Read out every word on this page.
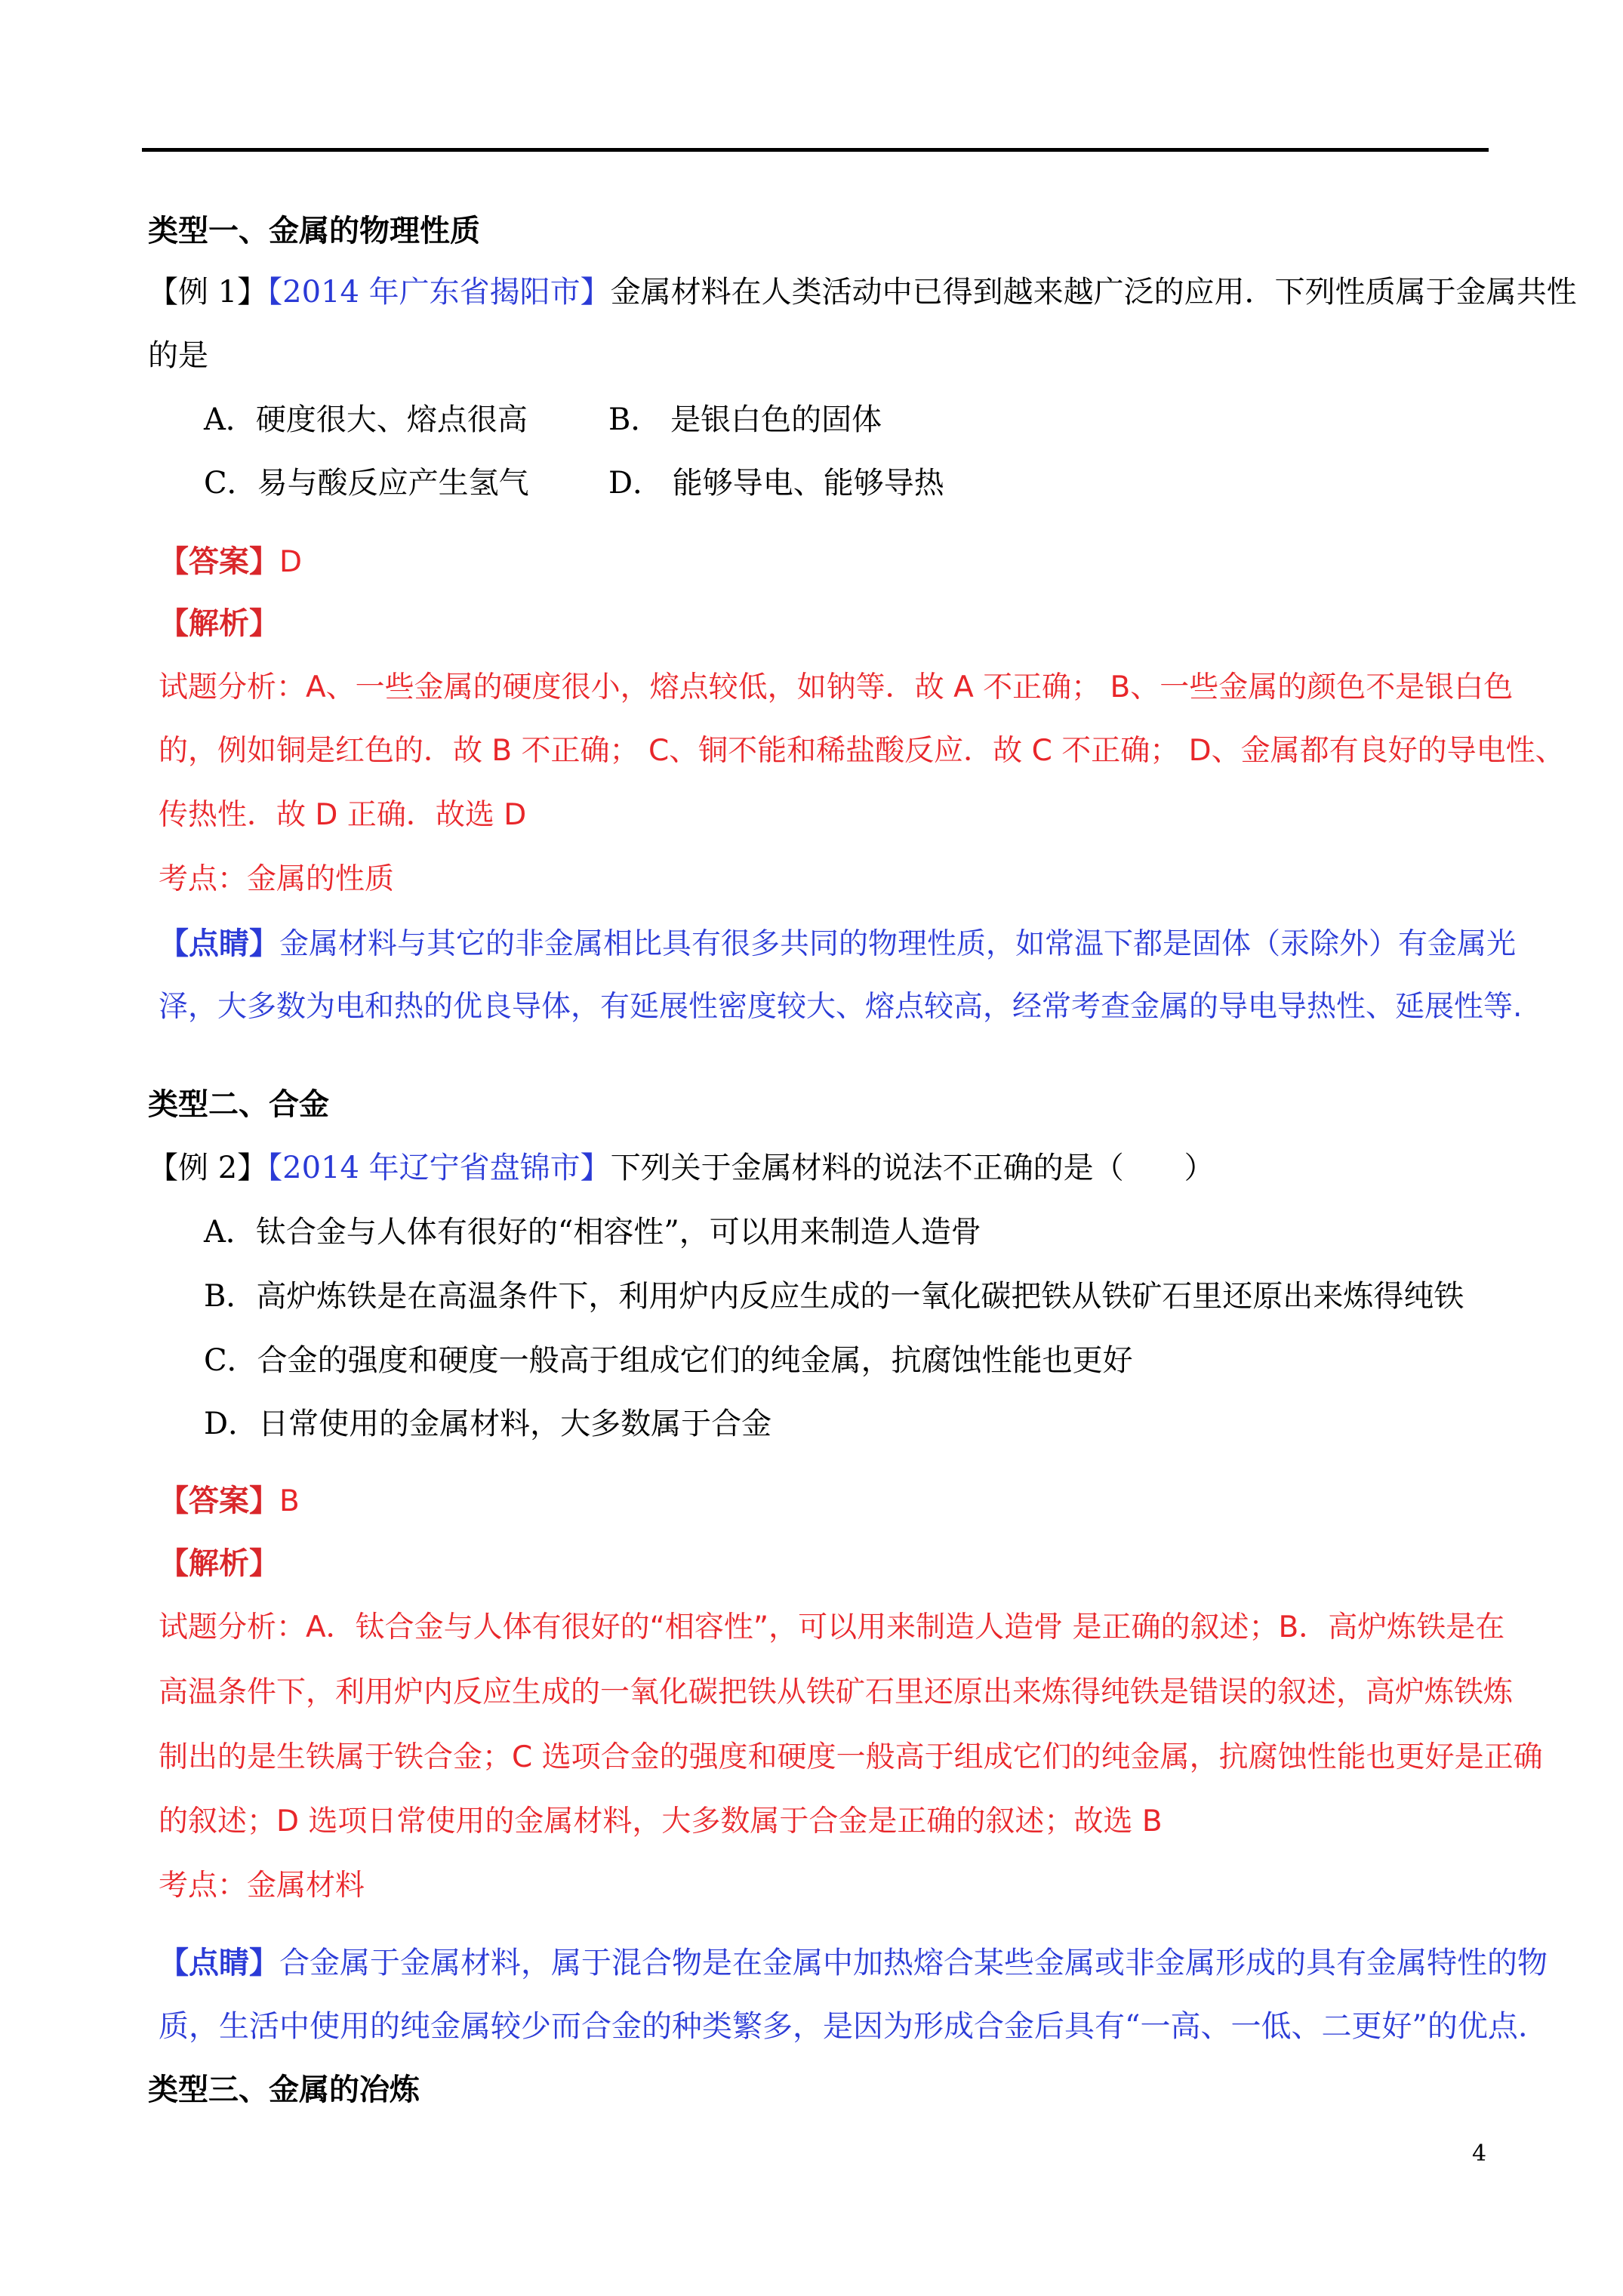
类型一、金属的物理性质
【例 1】【2014 年广东省揭阳市】金属材料在人类活动中已得到越来越广泛的应用．下列性质属于金属共性
的是
A．硬度很大、熔点很高	B． 是银白色的固体
C．易与酸反应产生氢气	D． 能够导电、能够导热
【答案】D
【解析】
试题分析：A、一些金属的硬度很小，熔点较低，如钠等．故 A 不正确； B、一些金属的颜色不是银白色
的，例如铜是红色的．故 B 不正确； C、铜不能和稀盐酸反应．故 C 不正确； D、金属都有良好的导电性、
传热性．故 D 正确．故选 D
考点：金属的性质
【点睛】金属材料与其它的非金属相比具有很多共同的物理性质，如常温下都是固体（汞除外）有金属光
泽，大多数为电和热的优良导体，有延展性密度较大、熔点较高，经常考查金属的导电导热性、延展性等.
类型二、合金
【例 2】【2014 年辽宁省盘锦市】下列关于金属材料的说法不正确的是（　　）
A．钛合金与人体有很好的“相容性”，可以用来制造人造骨
B．高炉炼铁是在高温条件下，利用炉内反应生成的一氧化碳把铁从铁矿石里还原出来炼得纯铁
C．合金的强度和硬度一般高于组成它们的纯金属，抗腐蚀性能也更好
D．日常使用的金属材料，大多数属于合金
【答案】B
【解析】
试题分析：A．钛合金与人体有很好的“相容性”，可以用来制造人造骨 是正确的叙述；B．高炉炼铁是在
高温条件下，利用炉内反应生成的一氧化碳把铁从铁矿石里还原出来炼得纯铁是错误的叙述，高炉炼铁炼
制出的是生铁属于铁合金；C 选项合金的强度和硬度一般高于组成它们的纯金属，抗腐蚀性能也更好是正确
的叙述；D 选项日常使用的金属材料，大多数属于合金是正确的叙述；故选 B
考点：金属材料
【点睛】合金属于金属材料，属于混合物是在金属中加热熔合某些金属或非金属形成的具有金属特性的物
质，生活中使用的纯金属较少而合金的种类繁多，是因为形成合金后具有“一高、一低、二更好”的优点.
类型三、金属的冶炼
4
